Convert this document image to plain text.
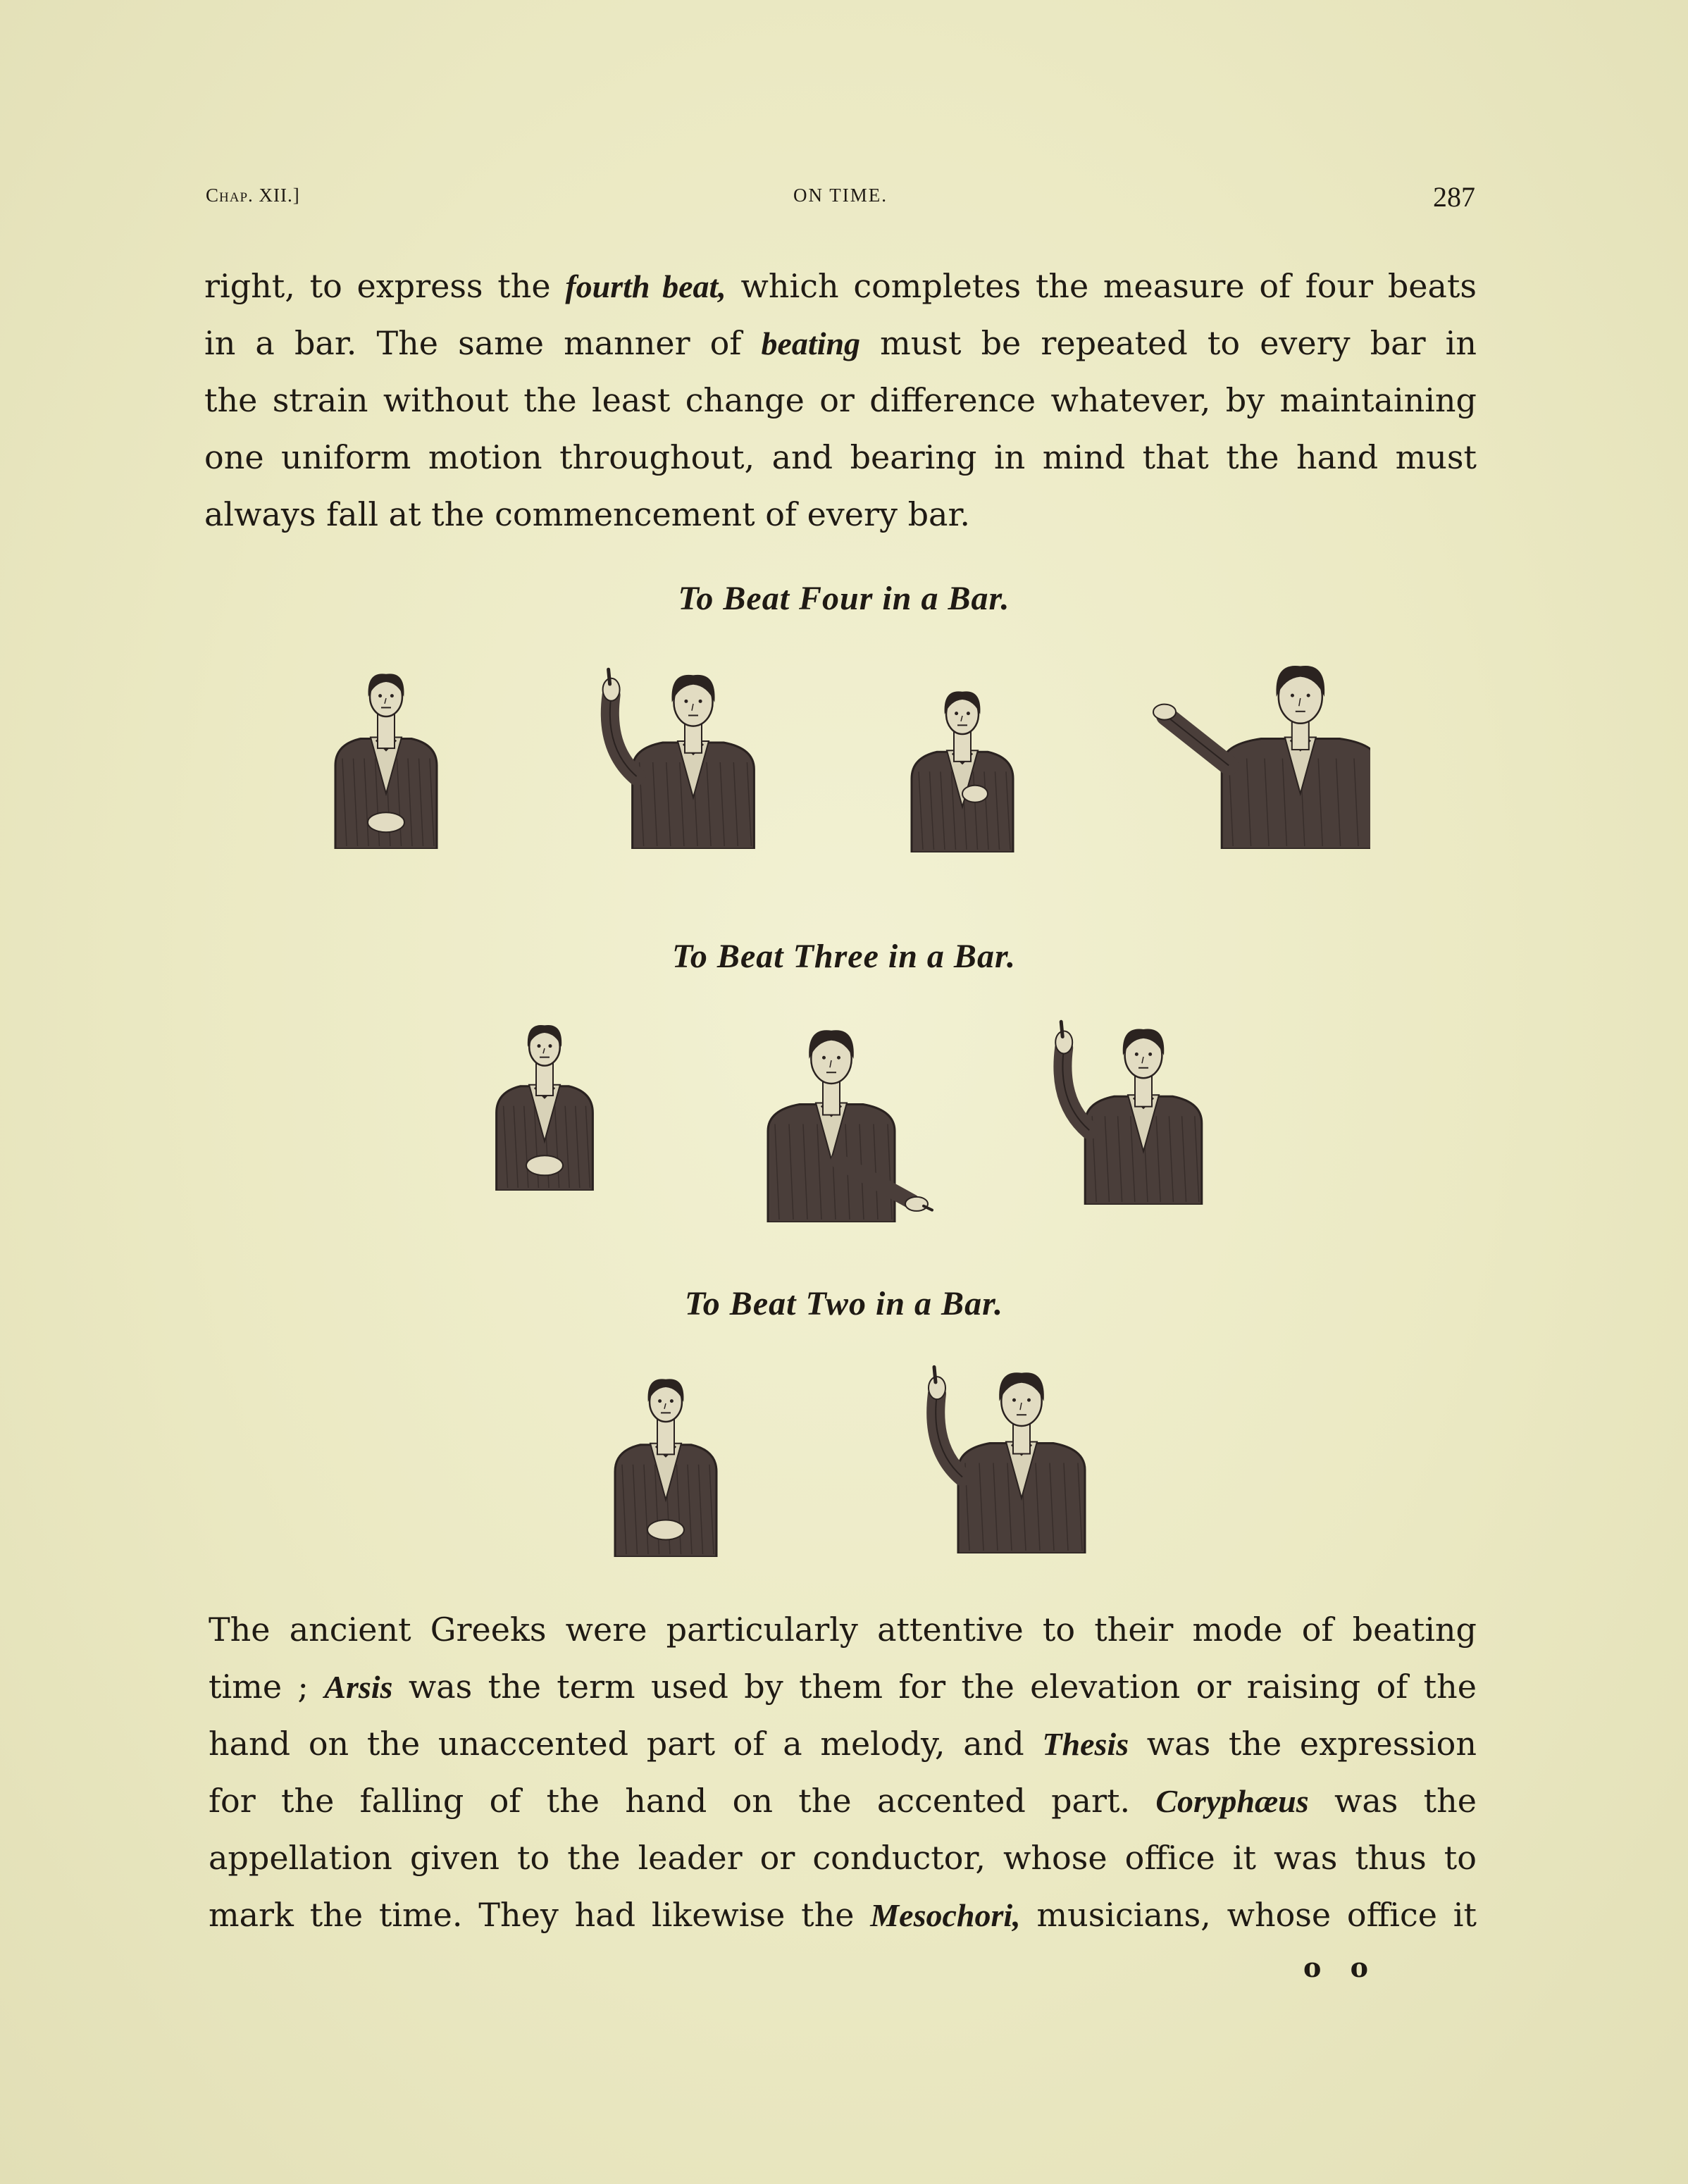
Chap. XII.]	ON TIME.	287
right, to express the fourth beat, which completes the measure of four beats
in a bar. The same manner of beating must be repeated to every bar in
the strain without the least change or difference whatever, by maintaining
one uniform motion throughout, and bearing in mind that the hand must
always fall at the commencement of every bar.
To Beat Four in a Bar.
To Beat Three in a Bar.
To Beat Two in a Bar.
The ancient Greeks were particularly attentive to their mode of beating
time ; Arsis was the term used by them for the elevation or raising of the
hand on the unaccented part of a melody, and Thesis was the expression
for the falling of the hand on the accented part. Coryphæus was the
appellation given to the leader or conductor, whose office it was thus to
mark the time. They had likewise the Mesochori, musicians, whose office it
o o
